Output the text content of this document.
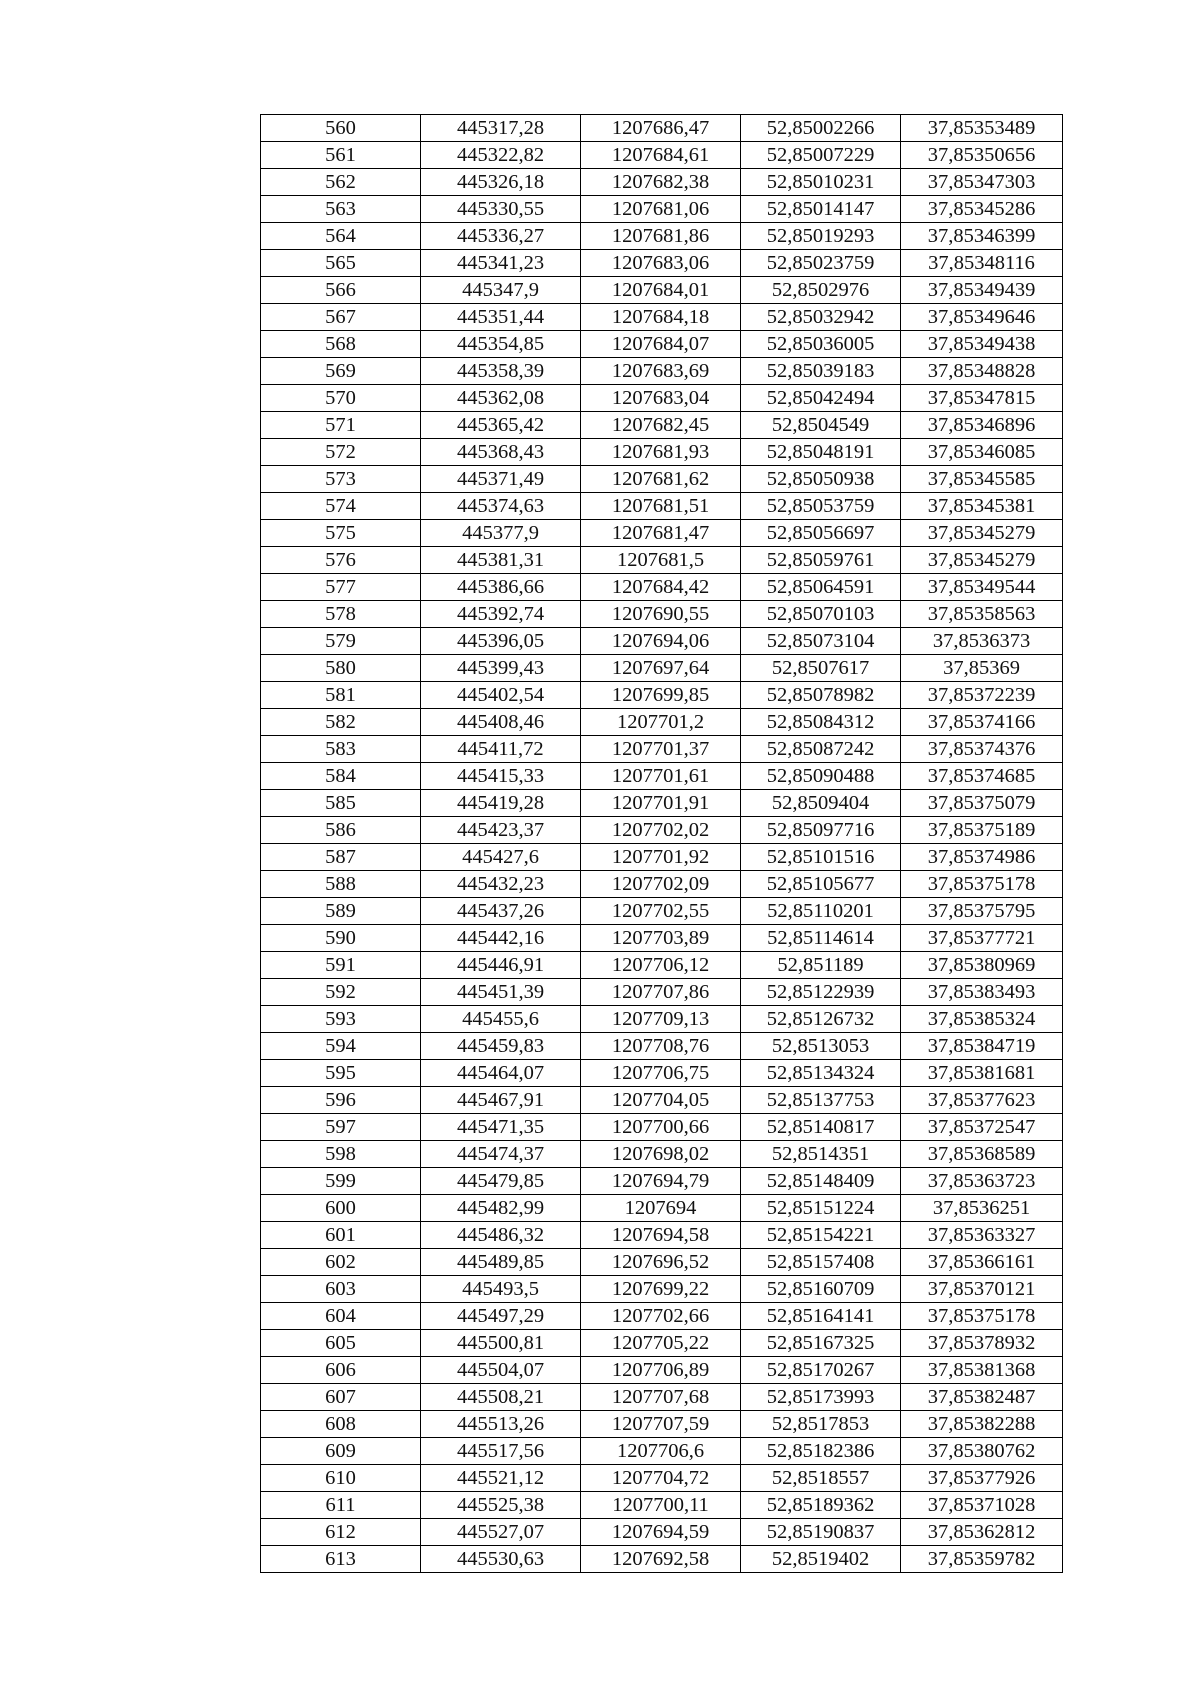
560	445317,28	1207686,47	52,85002266	37,85353489
561	445322,82	1207684,61	52,85007229	37,85350656
562	445326,18	1207682,38	52,85010231	37,85347303
563	445330,55	1207681,06	52,85014147	37,85345286
564	445336,27	1207681,86	52,85019293	37,85346399
565	445341,23	1207683,06	52,85023759	37,85348116
566	445347,9	1207684,01	52,8502976	37,85349439
567	445351,44	1207684,18	52,85032942	37,85349646
568	445354,85	1207684,07	52,85036005	37,85349438
569	445358,39	1207683,69	52,85039183	37,85348828
570	445362,08	1207683,04	52,85042494	37,85347815
571	445365,42	1207682,45	52,8504549	37,85346896
572	445368,43	1207681,93	52,85048191	37,85346085
573	445371,49	1207681,62	52,85050938	37,85345585
574	445374,63	1207681,51	52,85053759	37,85345381
575	445377,9	1207681,47	52,85056697	37,85345279
576	445381,31	1207681,5	52,85059761	37,85345279
577	445386,66	1207684,42	52,85064591	37,85349544
578	445392,74	1207690,55	52,85070103	37,85358563
579	445396,05	1207694,06	52,85073104	37,8536373
580	445399,43	1207697,64	52,8507617	37,85369
581	445402,54	1207699,85	52,85078982	37,85372239
582	445408,46	1207701,2	52,85084312	37,85374166
583	445411,72	1207701,37	52,85087242	37,85374376
584	445415,33	1207701,61	52,85090488	37,85374685
585	445419,28	1207701,91	52,8509404	37,85375079
586	445423,37	1207702,02	52,85097716	37,85375189
587	445427,6	1207701,92	52,85101516	37,85374986
588	445432,23	1207702,09	52,85105677	37,85375178
589	445437,26	1207702,55	52,85110201	37,85375795
590	445442,16	1207703,89	52,85114614	37,85377721
591	445446,91	1207706,12	52,851189	37,85380969
592	445451,39	1207707,86	52,85122939	37,85383493
593	445455,6	1207709,13	52,85126732	37,85385324
594	445459,83	1207708,76	52,8513053	37,85384719
595	445464,07	1207706,75	52,85134324	37,85381681
596	445467,91	1207704,05	52,85137753	37,85377623
597	445471,35	1207700,66	52,85140817	37,85372547
598	445474,37	1207698,02	52,8514351	37,85368589
599	445479,85	1207694,79	52,85148409	37,85363723
600	445482,99	1207694	52,85151224	37,8536251
601	445486,32	1207694,58	52,85154221	37,85363327
602	445489,85	1207696,52	52,85157408	37,85366161
603	445493,5	1207699,22	52,85160709	37,85370121
604	445497,29	1207702,66	52,85164141	37,85375178
605	445500,81	1207705,22	52,85167325	37,85378932
606	445504,07	1207706,89	52,85170267	37,85381368
607	445508,21	1207707,68	52,85173993	37,85382487
608	445513,26	1207707,59	52,8517853	37,85382288
609	445517,56	1207706,6	52,85182386	37,85380762
610	445521,12	1207704,72	52,8518557	37,85377926
611	445525,38	1207700,11	52,85189362	37,85371028
612	445527,07	1207694,59	52,85190837	37,85362812
613	445530,63	1207692,58	52,8519402	37,85359782
